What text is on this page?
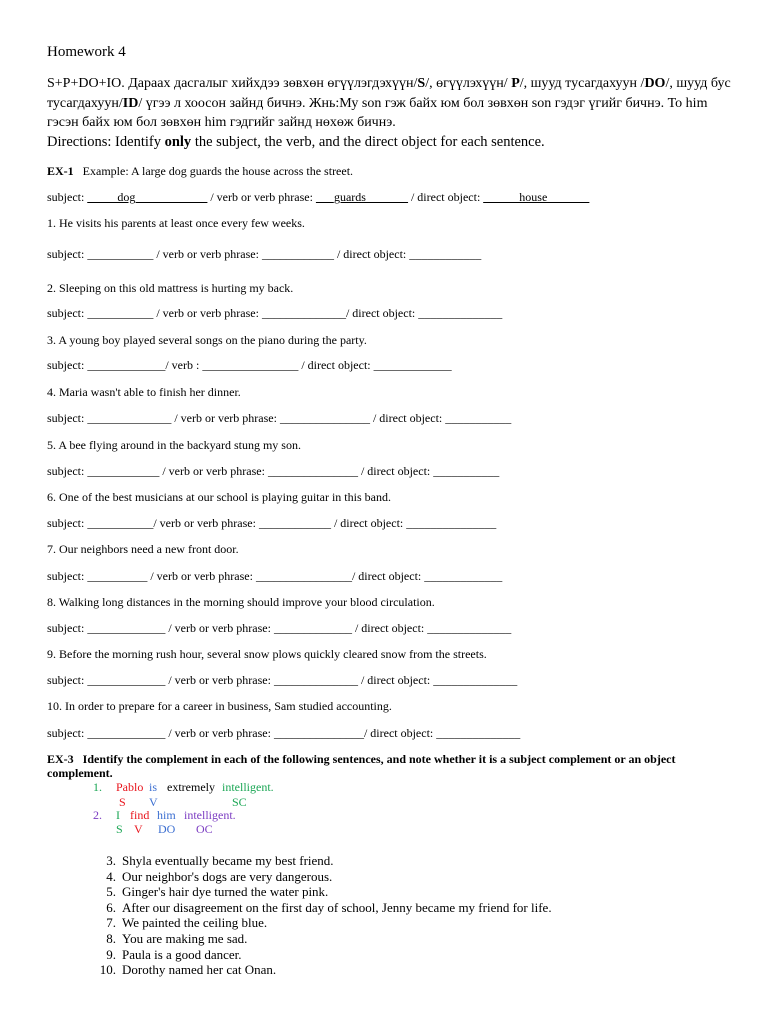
Homework 4
S+P+DO+IO. Дараах дасгалыг хийхдээ зөвхөн өгүүлэгдэхүүн/S/, өгүүлэхүүн/ P/, шууд тусагдахуун /DO/, шууд бус тусагдахуун/ID/ үгээ л хоосон зайнд бичнэ. Жнь:Му son гэж байх юм бол зөвхөн son гэдэг үгийг бичнэ. To him гэсэн байх юм бол зөвхөн him гэдгийг зайнд нөхөж бичнэ.
Directions: Identify only the subject, the verb, and the direct object for each sentence.
EX-1 Example: A large dog guards the house across the street.
subject: _____dog____________ / verb or verb phrase: ___guards_______ / direct object: ______house_______
1. He visits his parents at least once every few weeks.
subject: ___________ / verb or verb phrase: ____________ / direct object: ____________
2. Sleeping on this old mattress is hurting my back.
subject: ___________ / verb or verb phrase: ______________/ direct object: ______________
3. A young boy played several songs on the piano during the party.
subject: _____________/ verb : ________________ / direct object: _____________
4. Maria wasn't able to finish her dinner.
subject: ______________ / verb or verb phrase: _______________ / direct object: ___________
5. A bee flying around in the backyard stung my son.
subject: ____________ / verb or verb phrase: _______________ / direct object: ___________
6. One of the best musicians at our school is playing guitar in this band.
subject: ___________/ verb or verb phrase: ____________ / direct object: _______________
7. Our neighbors need a new front door.
subject: __________ / verb or verb phrase: ________________/ direct object: _____________
8. Walking long distances in the morning should improve your blood circulation.
subject: _____________ / verb or verb phrase: _____________ / direct object: ______________
9. Before the morning rush hour, several snow plows quickly cleared snow from the streets.
subject: _____________ / verb or verb phrase: ______________ / direct object: ______________
10. In order to prepare for a career in business, Sam studied accounting.
subject: _____________ / verb or verb phrase: _______________/ direct object: ______________
EX-3 Identify the complement in each of the following sentences, and note whether it is a subject complement or an object complement.
1. Pablo is extremely intelligent.
S V	SC
2. I find him intelligent.
S V DO OC
3. Shyla eventually became my best friend.
4. Our neighbor's dogs are very dangerous.
5. Ginger's hair dye turned the water pink.
6. After our disagreement on the first day of school, Jenny became my friend for life.
7. We painted the ceiling blue.
8. You are making me sad.
9. Paula is a good dancer.
10. Dorothy named her cat Onan.
